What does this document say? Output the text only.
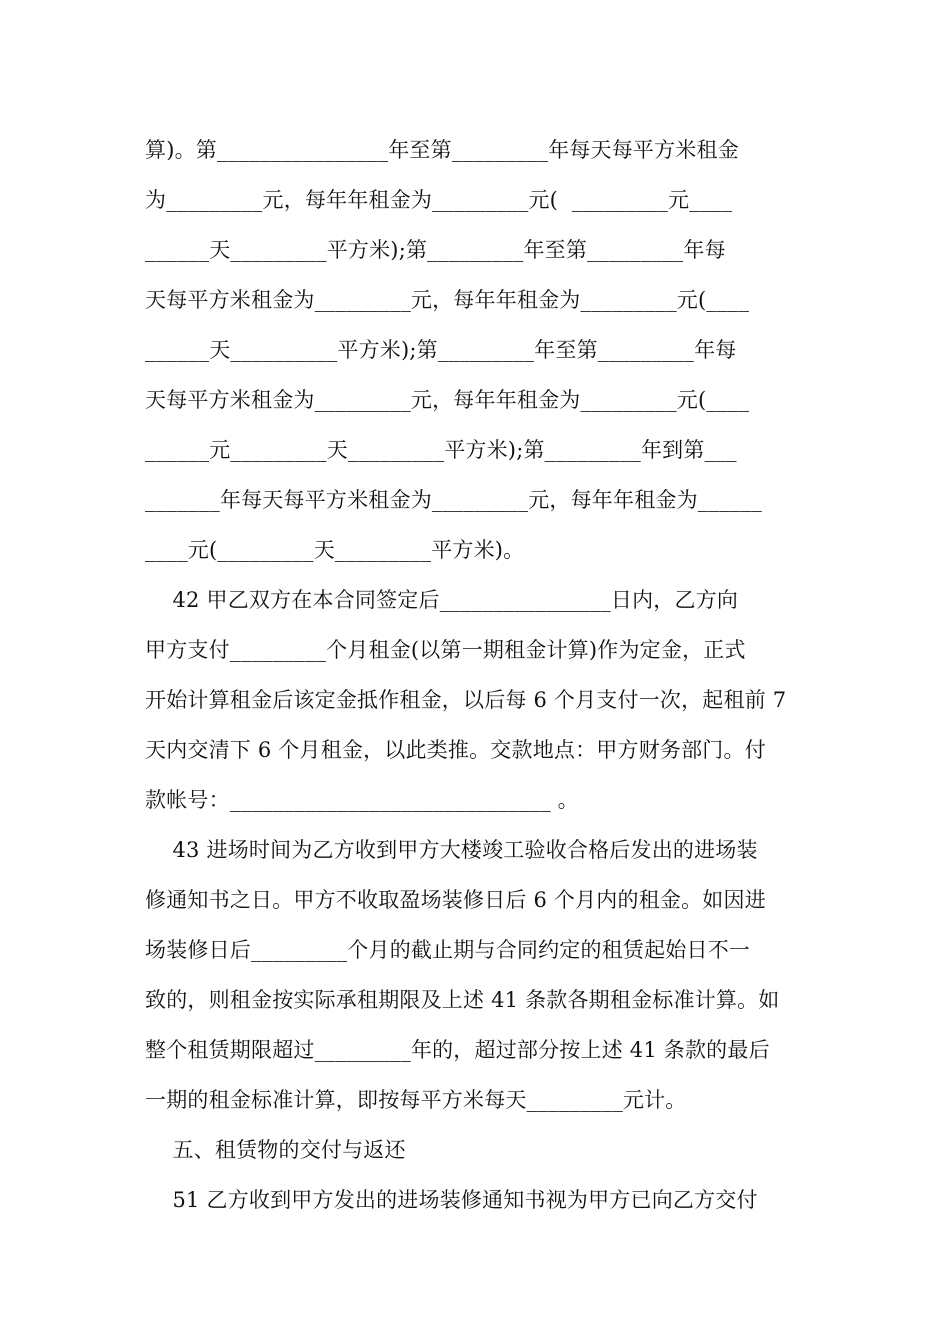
算)。第________________年至第_________年每天每平方米租金
为_________元，每年年租金为_________元(  _________元____
______天_________平方米);第_________年至第_________年每
天每平方米租金为_________元，每年年租金为_________元(____
______天__________平方米);第_________年至第_________年每
天每平方米租金为_________元，每年年租金为_________元(____
______元_________天_________平方米);第_________年到第___
_______年每天每平方米租金为_________元，每年年租金为______
____元(_________天_________平方米)。
42 甲乙双方在本合同签定后________________日内，乙方向
甲方支付_________个月租金(以第一期租金计算)作为定金，正式
开始计算租金后该定金抵作租金，以后每 6 个月支付一次，起租前 7
天内交清下 6 个月租金，以此类推。交款地点：甲方财务部门。付
款帐号：______________________________ 。
43 进场时间为乙方收到甲方大楼竣工验收合格后发出的进场装
修通知书之日。甲方不收取盈场装修日后 6 个月内的租金。如因进
场装修日后_________个月的截止期与合同约定的租赁起始日不一
致的，则租金按实际承租期限及上述 41 条款各期租金标准计算。如
整个租赁期限超过_________年的，超过部分按上述 41 条款的最后
一期的租金标准计算，即按每平方米每天_________元计。
五、租赁物的交付与返还
51 乙方收到甲方发出的进场装修通知书视为甲方已向乙方交付
